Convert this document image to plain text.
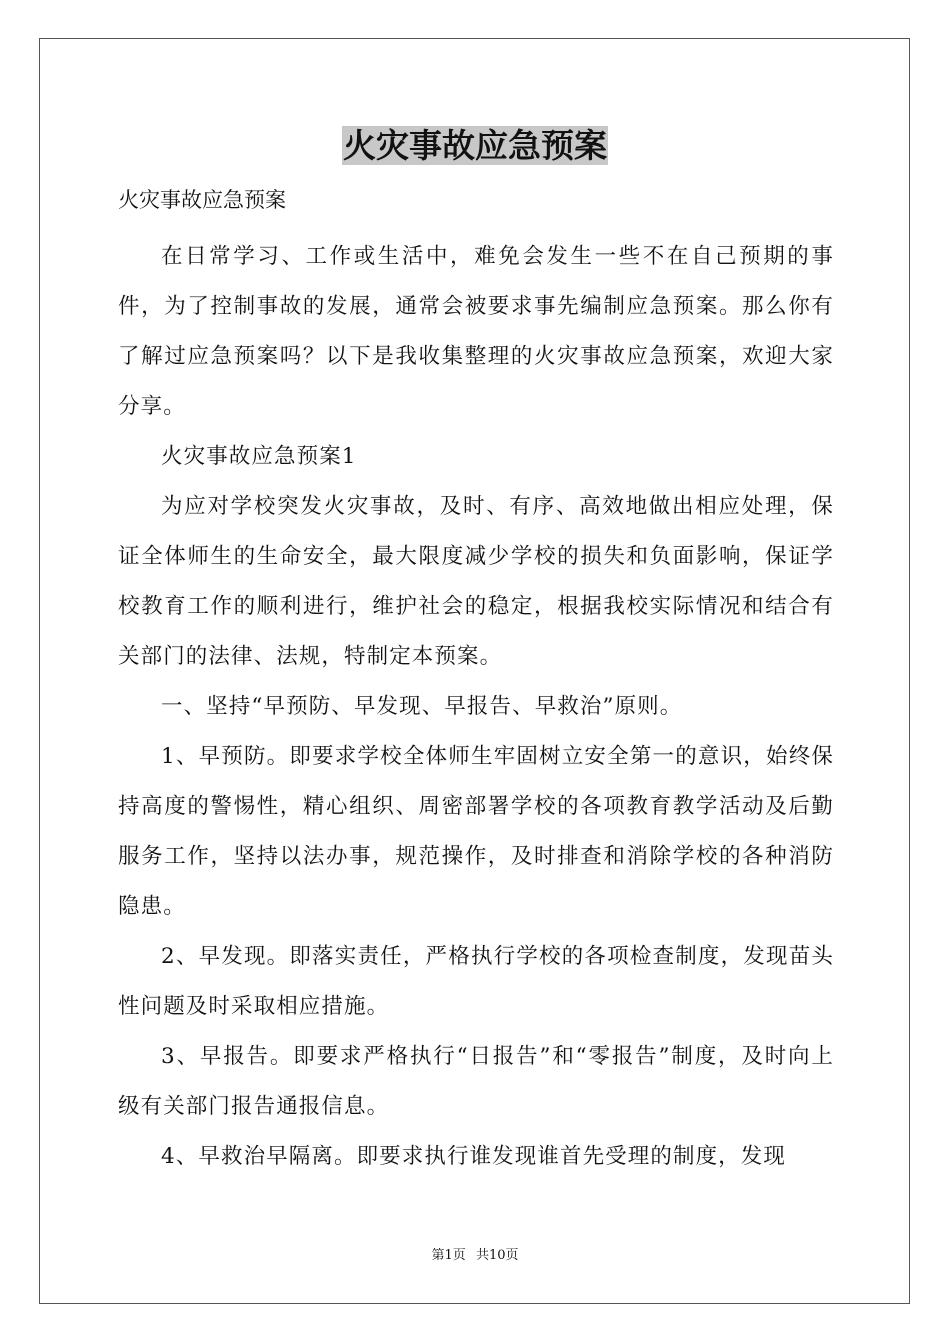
火灾事故应急预案
火灾事故应急预案

在日常学习、工作或生活中，难免会发生一些不在自己预期的事件，为了控制事故的发展，通常会被要求事先编制应急预案。那么你有了解过应急预案吗？以下是我收集整理的火灾事故应急预案，欢迎大家分享。

火灾事故应急预案1

为应对学校突发火灾事故，及时、有序、高效地做出相应处理，保证全体师生的生命安全，最大限度减少学校的损失和负面影响，保证学校教育工作的顺利进行，维护社会的稳定，根据我校实际情况和结合有关部门的法律、法规，特制定本预案。

一、坚持“早预防、早发现、早报告、早救治”原则。

1、早预防。即要求学校全体师生牢固树立安全第一的意识，始终保持高度的警惕性，精心组织、周密部署学校的各项教育教学活动及后勤服务工作，坚持以法办事，规范操作，及时排查和消除学校的各种消防隐患。

2、早发现。即落实责任，严格执行学校的各项检查制度，发现苗头性问题及时采取相应措施。

3、早报告。即要求严格执行“日报告”和“零报告”制度，及时向上级有关部门报告通报信息。

4、早救治早隔离。即要求执行谁发现谁首先受理的制度，发现

第1页 共10页
